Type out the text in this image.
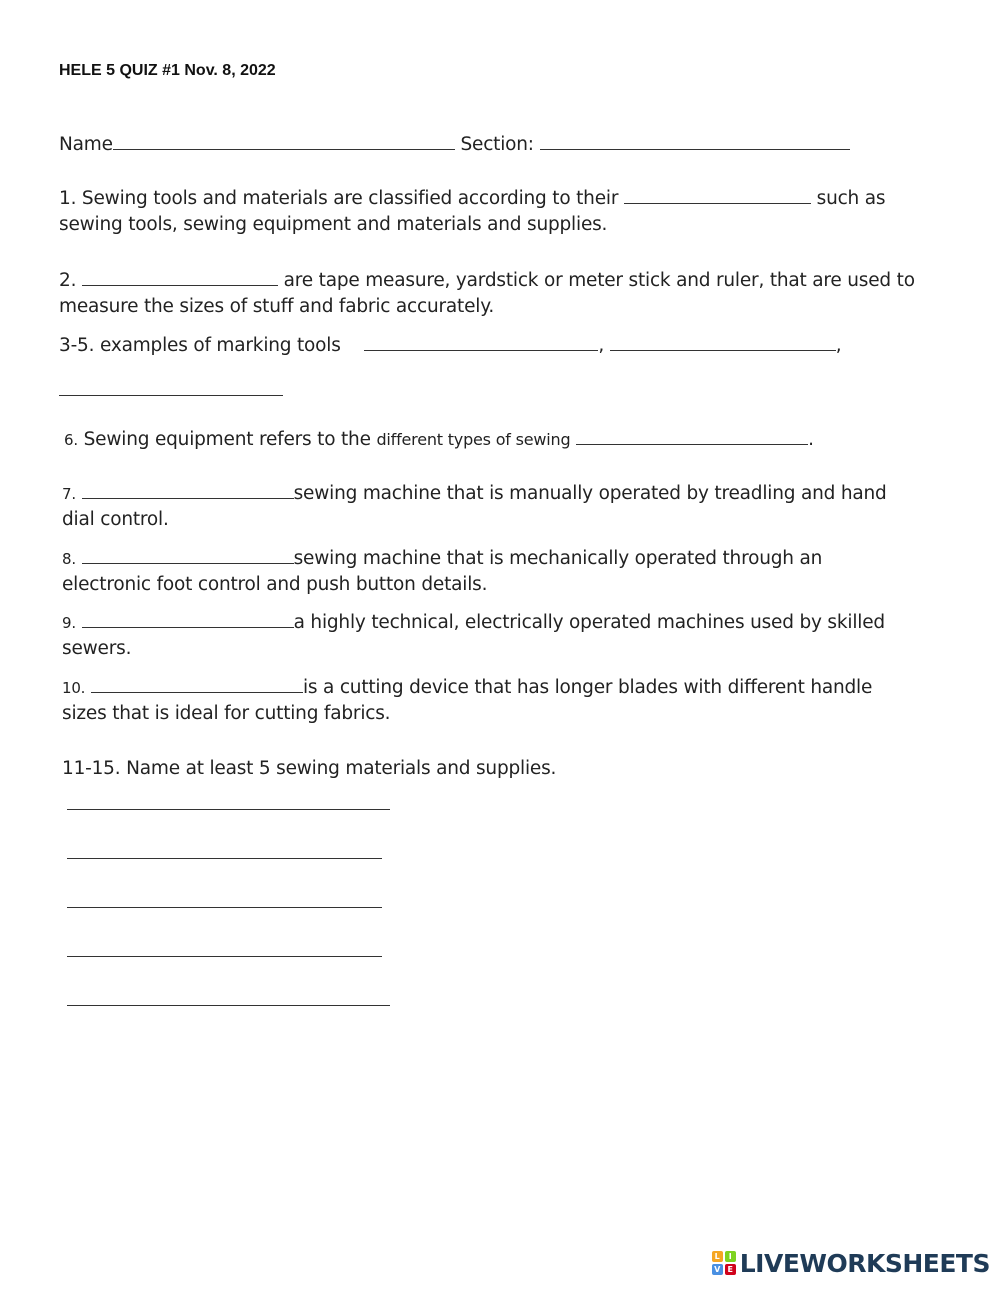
HELE 5 QUIZ #1 Nov. 8, 2022
Name	Section:
1. Sewing tools and materials are classified according to their	such as
sewing tools, sewing equipment and materials and supplies.
2.	are tape measure, yardstick or meter stick and ruler, that are used to
measure the sizes of stuff and fabric accurately.
3-5. examples of marking tools	,	,
6. Sewing equipment refers to the different types of sewing	.
7.	sewing machine that is manually operated by treadling and hand
dial control.
8.	sewing machine that is mechanically operated through an
electronic foot control and push button details.
9.	a highly technical, electrically operated machines used by skilled
sewers.
10.	is a cutting device that has longer blades with different handle
sizes that is ideal for cutting fabrics.
11-15. Name at least 5 sewing materials and supplies.
L	I
V E LIVEWORKSHEETS
